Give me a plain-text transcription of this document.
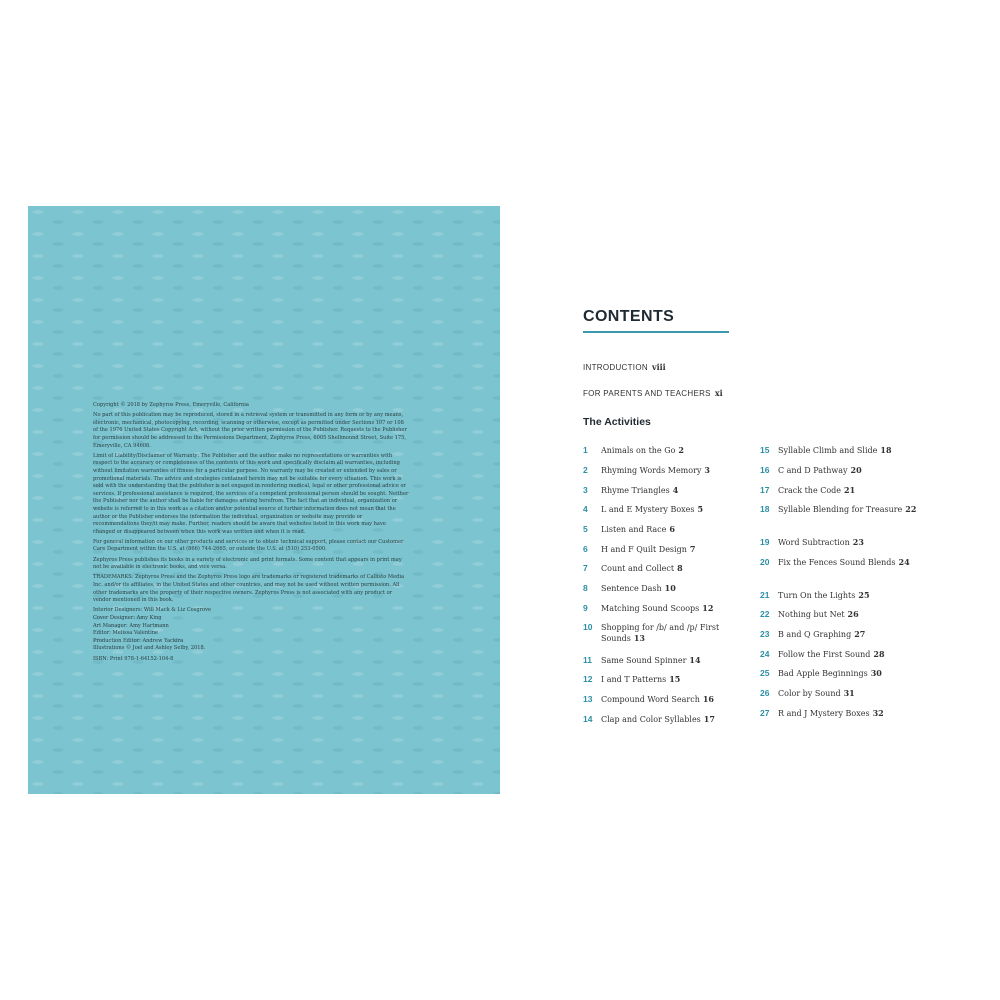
Copyright © 2018 by Zephyros Press, Emeryville, California

No part of this publication may be reproduced, stored in a retrieval system or transmitted in any form or by any means, electronic, mechanical, photocopying, recording, scanning or otherwise, except as permitted under Sections 107 or 108 of the 1976 United States Copyright Act, without the prior written permission of the Publisher. Requests to the Publisher for permission should be addressed to the Permissions Department, Zephyros Press, 6005 Shellmound Street, Suite 175, Emeryville, CA 94608.

Limit of Liability/Disclaimer of Warranty: The Publisher and the author make no representations or warranties with respect to the accuracy or completeness of the contents of this work and specifically disclaim all warranties, including without limitation warranties of fitness for a particular purpose. No warranty may be created or extended by sales or promotional materials. The advice and strategies contained herein may not be suitable for every situation. This work is sold with the understanding that the publisher is not engaged in rendering medical, legal or other professional advice or services. If professional assistance is required, the services of a competent professional person should be sought. Neither the Publisher nor the author shall be liable for damages arising herefrom. The fact that an individual, organization or website is referred to in this work as a citation and/or potential source of further information does not mean that the author or the Publisher endorses the information the individual, organization or website may provide or recommendations they/it may make. Further, readers should be aware that websites listed in this work may have changed or disappeared between when this work was written and when it is read.

For general information on our other products and services or to obtain technical support, please contact our Customer Care Department within the U.S. at (866) 744-2665, or outside the U.S. at (510) 253-0500.

Zephyros Press publishes its books in a variety of electronic and print formats. Some content that appears in print may not be available in electronic books, and vice versa.

TRADEMARKS: Zephyros Press and the Zephyros Press logo are trademarks or registered trademarks of Callisto Media Inc. and/or its affiliates, in the United States and other countries, and may not be used without written permission. All other trademarks are the property of their respective owners. Zephyros Press is not associated with any product or vendor mentioned in this book.

Interior Designers: Will Mack & Liz Cosgrove

Cover Designer: Amy King

Art Manager: Amy Hartmann

Editor: Melissa Valentine

Production Editor: Andrew Yackira

Illustrations © Joel and Ashley Selby, 2018.

ISBN: Print 978-1-64152-104-8

CONTENTS
INTRODUCTION viii
FOR PARENTS AND TEACHERS xi
The Activities
1	Animals on the Go 2
2	Rhyming Words Memory 3
3	Rhyme Triangles 4
4	L and E Mystery Boxes 5
5	Listen and Race 6
6	H and F Quilt Design 7
7	Count and Collect 8
8	Sentence Dash 10
9	Matching Sound Scoops 12
10	Shopping for /b/ and /p/ First Sounds 13
11	Same Sound Spinner 14
12	I and T Patterns 15
13	Compound Word Search 16
14	Clap and Color Syllables 17
15	Syllable Climb and Slide 18
16	C and D Pathway 20
17	Crack the Code 21
18	Syllable Blending for Treasure 22
19	Word Subtraction 23
20	Fix the Fences Sound Blends 24
21	Turn On the Lights 25
22	Nothing but Net 26
23	B and Q Graphing 27
24	Follow the First Sound 28
25	Bad Apple Beginnings 30
26	Color by Sound 31
27	R and J Mystery Boxes 32
